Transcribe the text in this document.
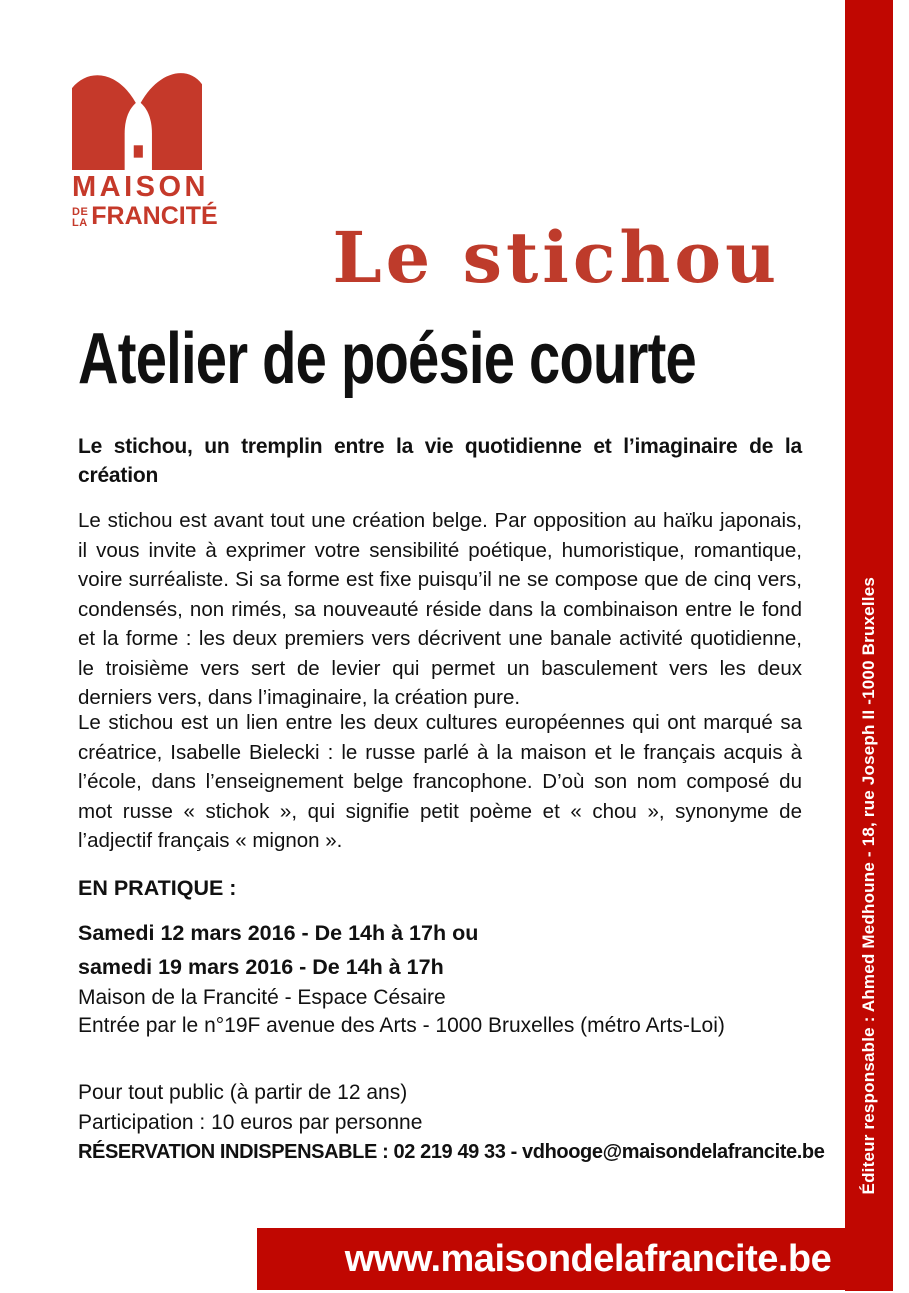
Éditeur responsable : Ahmed Medhoune - 18, rue Joseph II -1000 Bruxelles
MAISON
DE
LA FRANCITÉ	Le stichou
Atelier de poésie courte
Le stichou, un tremplin entre la vie quotidienne et l’imaginaire de la création
Le stichou est avant tout une création belge. Par opposition au haïku japonais, il vous invite à exprimer votre sensibilité poétique, humoristique, romantique, voire surréaliste. Si sa forme est fixe puisqu’il ne se compose que de cinq vers, condensés, non rimés, sa nouveauté réside dans la combinaison entre le fond et la forme : les deux premiers vers décrivent une banale activité quotidienne, le troisième vers sert de levier qui permet un basculement vers les deux derniers vers, dans l’imaginaire, la création pure.
Le stichou est un lien entre les deux cultures européennes qui ont marqué sa créatrice, Isabelle Bielecki : le russe parlé à la maison et le français acquis à l’école, dans l’enseignement belge francophone. D’où son nom composé du mot russe « stichok », qui signifie petit poème et « chou », synonyme de l’adjectif français « mignon ».
EN PRATIQUE :
Samedi 12 mars 2016 - De 14h à 17h ou
samedi 19 mars 2016 - De 14h à 17h
Maison de la Francité - Espace Césaire
Entrée par le n°19F avenue des Arts - 1000 Bruxelles (métro Arts-Loi)
Pour tout public (à partir de 12 ans)
Participation : 10 euros par personne
RÉSERVATION INDISPENSABLE : 02 219 49 33 - vdhooge@maisondelafrancite.be
www.maisondelafrancite.be
